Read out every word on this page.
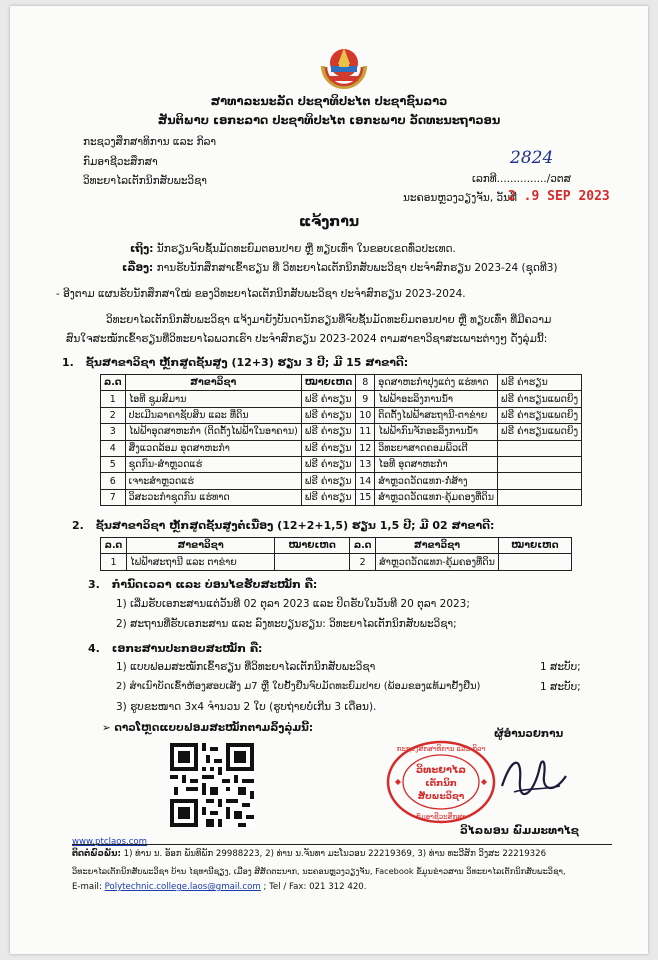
ສາທາລະນະລັດ ປະຊາທິປະໄຕ ປະຊາຊົນລາວ
ສັນຕິພາບ ເອກະລາດ ປະຊາທິປະໄຕ ເອກະພາບ ວັດທະນະຖາວອນ
ກະຊວງສຶກສາທິການ ແລະ ກິລາ
ກົມອາຊີວະສຶກສາ
ວິທະຍາໄລເຕັກນິກສັບພະວິຊາ
2824
ເລກທີ.............../ວຕສ
ນະຄອນຫຼວງວຽງຈັນ, ວັນທີ
2 .9 SEP 2023
ແຈ້ງການ
ເຖິງ: ນັກຮຽນຈົບຊັ້ນມັດທະຍົມຕອນປາຍ ຫຼື ທຽບເທົ່າ ໃນຂອບເຂດທົ່ວປະເທດ.
ເລື່ອງ: ການຮັບນັກສຶກສາເຂົ້າຮຽນ ທີ່ ວິທະຍາໄລເຕັກນິກສັບພະວິຊາ ປະຈຳສົກຮຽນ 2023-24 (ຊຸດທີ3)
- ອີງຕາມ ແຜນຮັບນັກສຶກສາໃໝ່ ຂອງວິທະຍາໄລເຕັກນິກສັບພະວິຊາ ປະຈຳສົກຮຽນ 2023-2024.
ວິທະຍາໄລເຕັກນິກສັບພະວິຊາ ແຈ້ງມາຍັງບັນດານັກຮຽນທີ່ຈົບຊັ້ນມັດທະຍົມຕອນປາຍ ຫຼື ທຽບເທົ່າ ທີ່ມີຄວາມ
ສົນໃຈສະໝັກເຂົ້າຮຽນທີ່ວິທະຍາໄລພວກເຮົາ ປະຈຳສົກຮຽນ 2023-2024 ຕາມສາຂາວິຊາສະເພາະຕ່າງໆ ດັ່ງລຸ່ມນີ້:
1. ຊັ້ນສາຂາວິຊາ ຫຼັກສູດຊັ້ນສູງ (12+3) ຮຽນ 3 ປີ; ມີ 15 ສາຂາດີ:
ລ.ດ	ສາຂາວິຊາ	ໝາຍເຫດ	8	ອຸດສາຫະກຳປຸງແຕ່ງ ແຮ່ທາດ	ຟຣີ ຄ່າຮຽນ
1	ໄອທີ ຊູມສົມານ	ຟຣີ ຄ່າຮຽນ	9	ໄຟຟ້າອະລິງການນ້ຳ	ຟຣີ ຄ່າຮຽນແພດຍິງ
2	ປະເມີນລາຄາຊັບສິນ ແລະ ທີ່ດິນ	ຟຣີ ຄ່າຮຽນ	10	ຕິດຕັ້ງໄຟຟ້າສະຖານີ-ຕາຂ່າຍ	ຟຣີ ຄ່າຮຽນແພດຍິງ
3	ໄຟຟ້າອຸດສາຫະກຳ (ຕິດຕັ້ງໄຟຟ້າໃນອາຄານ)	ຟຣີ ຄ່າຮຽນ	11	ໄຟຟ້າກົນຈັກອະລິງການນ້ຳ	ຟຣີ ຄ່າຮຽນແພດຍິງ
4	ສິ່ງແວດລ້ອມ ອຸດສາຫະກຳ	ຟຣີ ຄ່າຮຽນ	12	ວິທະຍາສາດຄອມພິວເຕີ	
5	ຊຸດກົນ-ສຳຫຼວດແຮ່	ຟຣີ ຄ່າຮຽນ	13	ໄອທີ ອຸດສາຫະກຳ	
6	ເຈາະສຳຫຼວດແຮ່	ຟຣີ ຄ່າຮຽນ	14	ສຳຫຼວດວັດແທກ-ກໍ່ສ້າງ	
7	ວິສະວະກຳຊຸດກົນ ແຮ່ທາດ	ຟຣີ ຄ່າຮຽນ	15	ສຳຫຼວດວັດແທກ-ຄຸ້ມຄອງທີ່ດິນ	
2. ຊັ້ນສາຂາວິຊາ ຫຼັກສູດຊັ້ນສູງຕໍ່ເນື່ອງ (12+2+1,5) ຮຽນ 1,5 ປີ; ມີ 02 ສາຂາດີ:
ລ.ດ	ສາຂາວິຊາ	ໝາຍເຫດ	ລ.ດ	ສາຂາວິຊາ	ໝາຍເຫດ
1	ໄຟຟ້າສະຖານີ ແລະ ຕາຂ່າຍ		2	ສຳຫຼວດວັດແທກ-ຄຸ້ມຄອງທີ່ດິນ	
3. ກຳນົດເວລາ ແລະ ບ່ອນໄຂຮັບສະໝັກ ຄື:
1) ເລີ່ມຮັບເອກະສານແຕ່ວັນທີ 02 ຕຸລາ 2023 ແລະ ປິດຮັບໃນວັນທີ 20 ຕຸລາ 2023;
2) ສະຖານທີ່ຮັບເອກະສານ ແລະ ລົງທະບຽນຮຽນ: ວິທະຍາໄລເຕັກນິກສັບພະວິຊາ;
4. ເອກະສານປະກອບສະໝັກ ຄື:
1) ແບບຟອມສະໝັກເຂົ້າຮຽນ ທີ່ວິທະຍາໄລເຕັກນິກສັບພະວິຊາ	1 ສະບັບ;
2) ສຳເນົາບັດເຂົ້າຫ້ອງສອບເສັງ ມ7 ຫຼື ໃບຢັ້ງຢືນຈົບມັດທະຍົມປາຍ (ພ້ອມຂອງແທ້ມາຢັ້ງຢືນ)	1 ສະບັບ;
3) ຮູບຂະໜາດ 3x4 ຈຳນວນ 2 ໃບ (ຮູບຖ່າຍບໍ່ເກີນ 3 ເດືອນ).
➢ ດາວໂຫຼດແບບຟອມສະໝັກຕາມລິ້ງລຸ່ມນີ້:	ຜູ້ອຳນວຍການ
ກະຊວງສຶກສາທິການ ແລະ ກິລາ
ວິທະຍາໄລ
ເຕັກນິກ
ສັບພະວິຊາ
ກົມອາຊີວະສຶກສາ
ວິໄລພອນ ພົມມະທາໄຊ
www.ptclaos.com
ຕິດຕໍ່ພົວພັນ: 1) ທ່ານ ນ. ອັອກ ພັນທິພັກ 29988223, 2) ທ່ານ ນ.ຈັນທາ ມະໂນວອນ 22219369, 3) ທ່ານ ທະວີສັກ ວິງສະ 22219326
ວິທະຍາໄລເຕັກນິກສັບພະວິຊາ ບ້ານ ໄຊທານີຊຽງ, ເມືອງ ສີສັດຕະນາກ, ນະຄອນຫຼວງວຽງຈັນ, Facebook ຂໍ້ມູນຂ່າວສານ ວິທະຍາໄລເຕັກນິກສັບພະວິຊາ,
E-mail: Polytechnic.college.laos@gmail.com ; Tel / Fax: 021 312 420.
